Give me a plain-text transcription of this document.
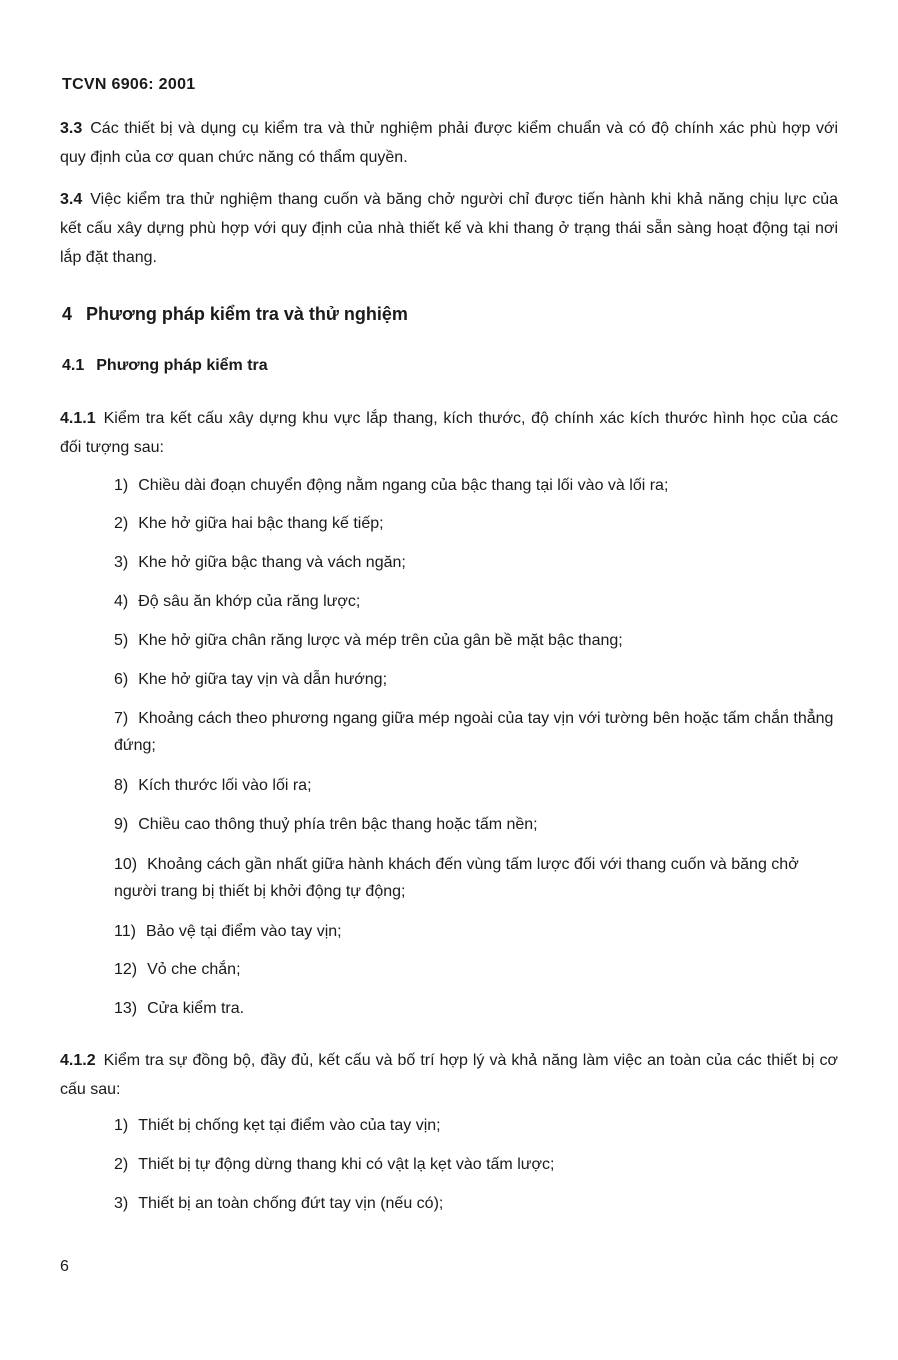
TCVN 6906: 2001
3.3 Các thiết bị và dụng cụ kiểm tra và thử nghiệm phải được kiểm chuẩn và có độ chính xác phù hợp với quy định của cơ quan chức năng có thẩm quyền.
3.4 Việc kiểm tra thử nghiệm thang cuốn và băng chở người chỉ được tiến hành khi khả năng chịu lực của kết cấu xây dựng phù hợp với quy định của nhà thiết kế và khi thang ở trạng thái sẵn sàng hoạt động tại nơi lắp đặt thang.
4 Phương pháp kiểm tra và thử nghiệm
4.1 Phương pháp kiểm tra
4.1.1 Kiểm tra kết cấu xây dựng khu vực lắp thang, kích thước, độ chính xác kích thước hình học của các đối tượng sau:
1) Chiều dài đoạn chuyển động nằm ngang của bậc thang tại lối vào và lối ra;
2) Khe hở giữa hai bậc thang kế tiếp;
3) Khe hở giữa bậc thang và vách ngăn;
4) Độ sâu ăn khớp của răng lược;
5) Khe hở giữa chân răng lược và mép trên của gân bề mặt bậc thang;
6) Khe hở giữa tay vịn và dẫn hướng;
7) Khoảng cách theo phương ngang giữa mép ngoài của tay vịn với tường bên hoặc tấm chắn thẳng đứng;
8) Kích thước lối vào lối ra;
9) Chiều cao thông thuỷ phía trên bậc thang hoặc tấm nền;
10) Khoảng cách gần nhất giữa hành khách đến vùng tấm lược đối với thang cuốn và băng chở người trang bị thiết bị khởi động tự động;
11) Bảo vệ tại điểm vào tay vịn;
12) Vỏ che chắn;
13) Cửa kiểm tra.
4.1.2 Kiểm tra sự đồng bộ, đầy đủ, kết cấu và bố trí hợp lý và khả năng làm việc an toàn của các thiết bị cơ cấu sau:
1) Thiết bị chống kẹt tại điểm vào của tay vịn;
2) Thiết bị tự động dừng thang khi có vật lạ kẹt vào tấm lược;
3) Thiết bị an toàn chống đứt tay vịn (nếu có);
6
